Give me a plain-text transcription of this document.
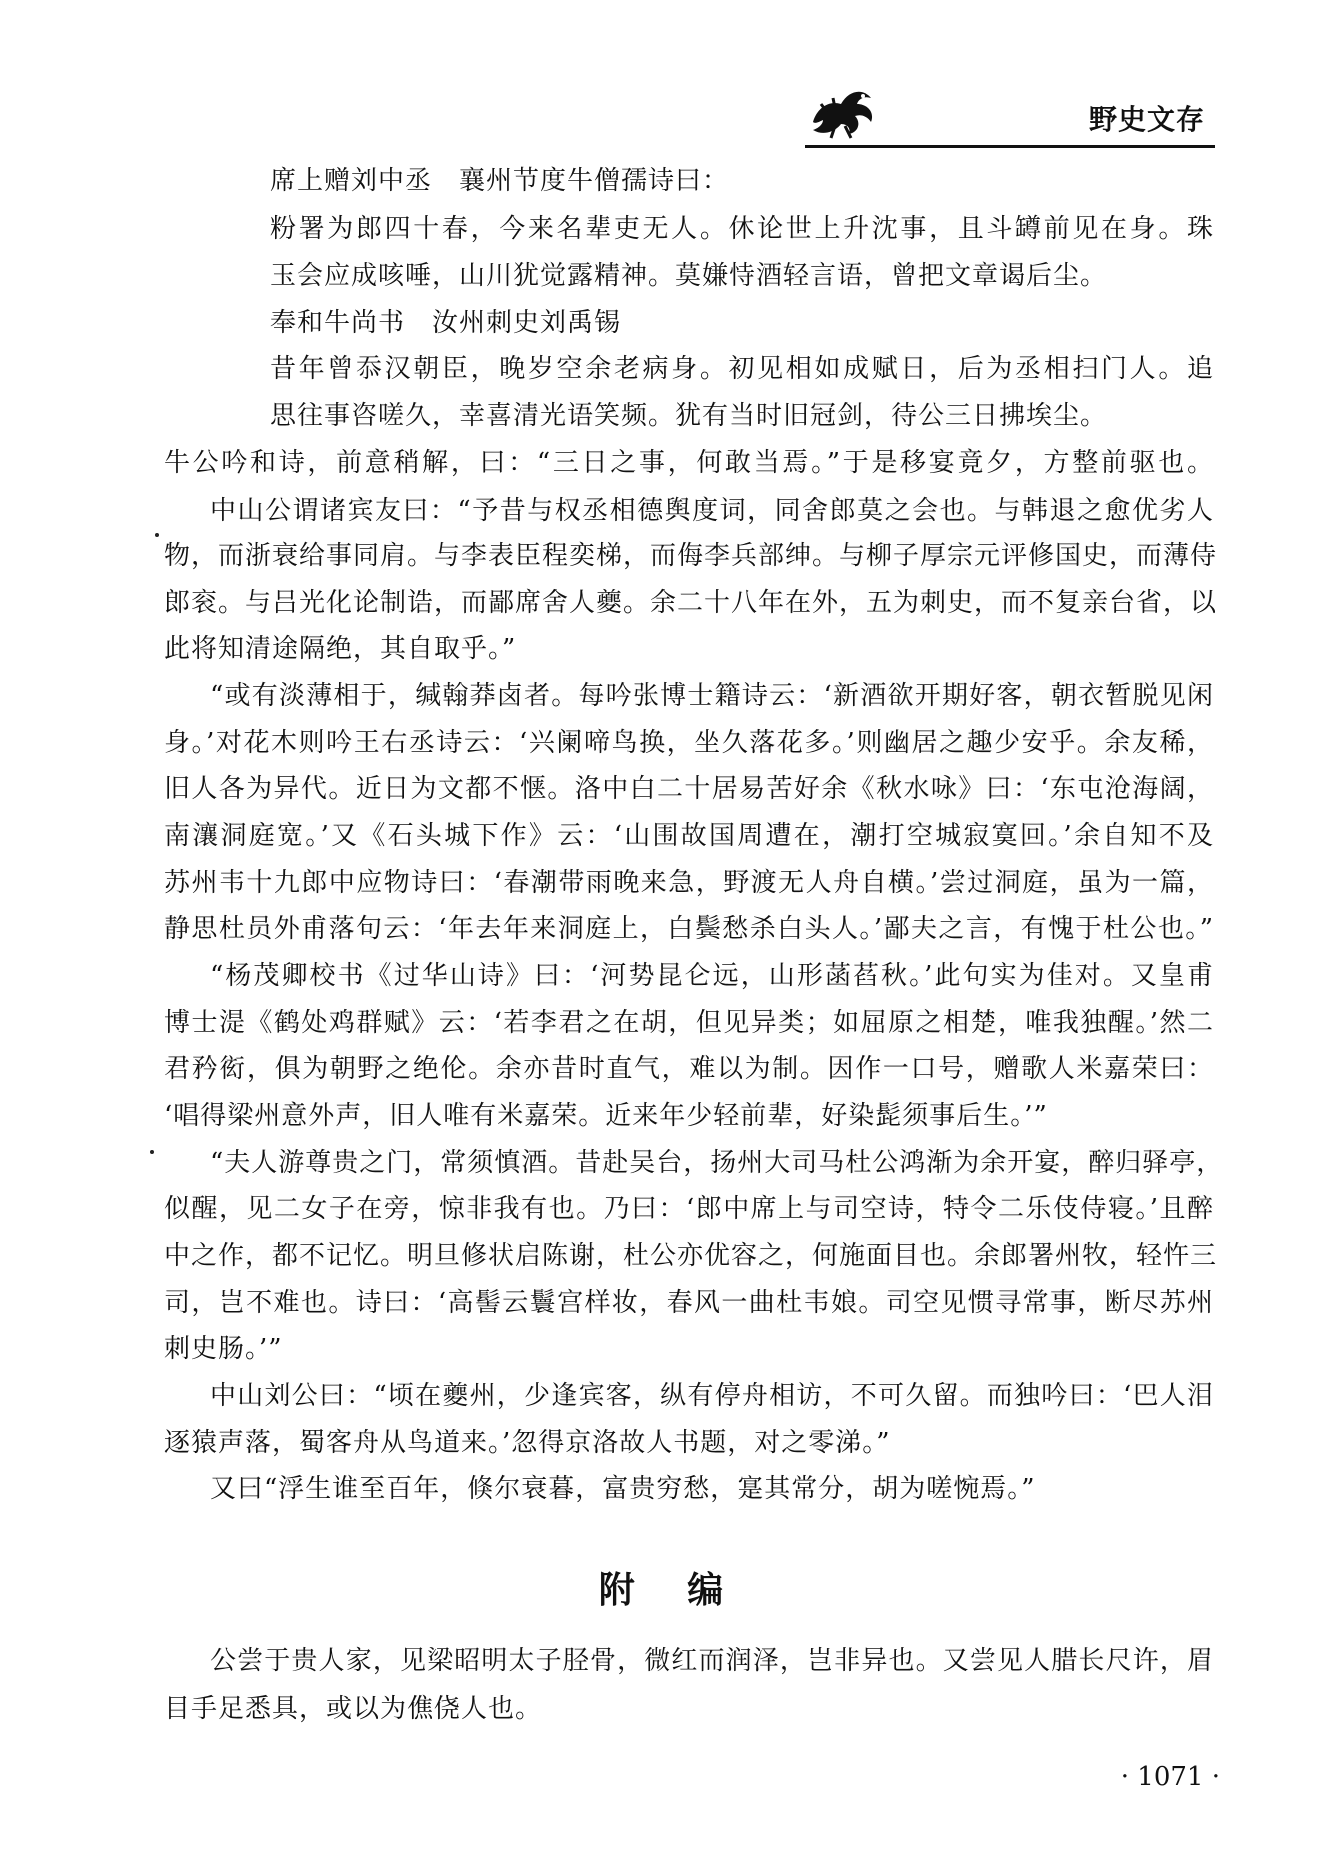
野史文存
席上赠刘中丞　襄州节度牛僧孺诗曰：
粉署为郎四十春，今来名辈吏无人。休论世上升沈事，且斗罇前见在身。珠
玉会应成咳唾，山川犹觉露精神。莫嫌恃酒轻言语，曾把文章谒后尘。
奉和牛尚书　汝州刺史刘禹锡
昔年曾忝汉朝臣，晚岁空余老病身。初见相如成赋日，后为丞相扫门人。追
思往事咨嗟久，幸喜清光语笑频。犹有当时旧冠剑，待公三日拂埃尘。
牛公吟和诗，前意稍解，曰：“三日之事，何敢当焉。”于是移宴竟夕，方整前驱也。
中山公谓诸宾友曰：“予昔与权丞相德舆度词，同舍郎莫之会也。与韩退之愈优劣人
物，而浙衰给事同肩。与李表臣程奕梯，而侮李兵部绅。与柳子厚宗元评修国史，而薄侍
郎衮。与吕光化论制诰，而鄙席舍人夔。余二十八年在外，五为刺史，而不复亲台省，以
此将知清途隔绝，其自取乎。”
“或有淡薄相于，缄翰莽卤者。每吟张博士籍诗云：‘新酒欲开期好客，朝衣暂脱见闲
身。’对花木则吟王右丞诗云：‘兴阑啼鸟换，坐久落花多。’则幽居之趣少安乎。余友稀，
旧人各为异代。近日为文都不惬。洛中白二十居易苦好余《秋水咏》曰：‘东屯沧海阔，
南瀼洞庭宽。’又《石头城下作》云：‘山围故国周遭在，潮打空城寂寞回。’余自知不及
苏州韦十九郎中应物诗曰：‘春潮带雨晚来急，野渡无人舟自横。’尝过洞庭，虽为一篇，
静思杜员外甫落句云：‘年去年来洞庭上，白鬓愁杀白头人。’鄙夫之言，有愧于杜公也。”
“杨茂卿校书《过华山诗》曰：‘河势昆仑远，山形菡萏秋。’此句实为佳对。又皇甫
博士湜《鹤处鸡群赋》云：‘若李君之在胡，但见异类；如屈原之相楚，唯我独醒。’然二
君矜衒，俱为朝野之绝伦。余亦昔时直气，难以为制。因作一口号，赠歌人米嘉荣曰：
‘唱得梁州意外声，旧人唯有米嘉荣。近来年少轻前辈，好染髭须事后生。’”
“夫人游尊贵之门，常须慎酒。昔赴吴台，扬州大司马杜公鸿渐为余开宴，醉归驿亭，
似醒，见二女子在旁，惊非我有也。乃曰：‘郎中席上与司空诗，特令二乐伎侍寝。’且醉
中之作，都不记忆。明旦修状启陈谢，杜公亦优容之，何施面目也。余郎署州牧，轻忤三
司，岂不难也。诗曰：‘高髻云鬟宫样妆，春风一曲杜韦娘。司空见惯寻常事，断尽苏州
刺史肠。’”
中山刘公曰：“顷在夔州，少逢宾客，纵有停舟相访，不可久留。而独吟曰：‘巴人泪
逐猿声落，蜀客舟从鸟道来。’忽得京洛故人书题，对之零涕。”
又曰“浮生谁至百年，倏尔衰暮，富贵穷愁，寔其常分，胡为嗟惋焉。”
附 编
公尝于贵人家，见梁昭明太子胫骨，微红而润泽，岂非异也。又尝见人腊长尺许，眉
目手足悉具，或以为僬侥人也。
· 1071 ·
